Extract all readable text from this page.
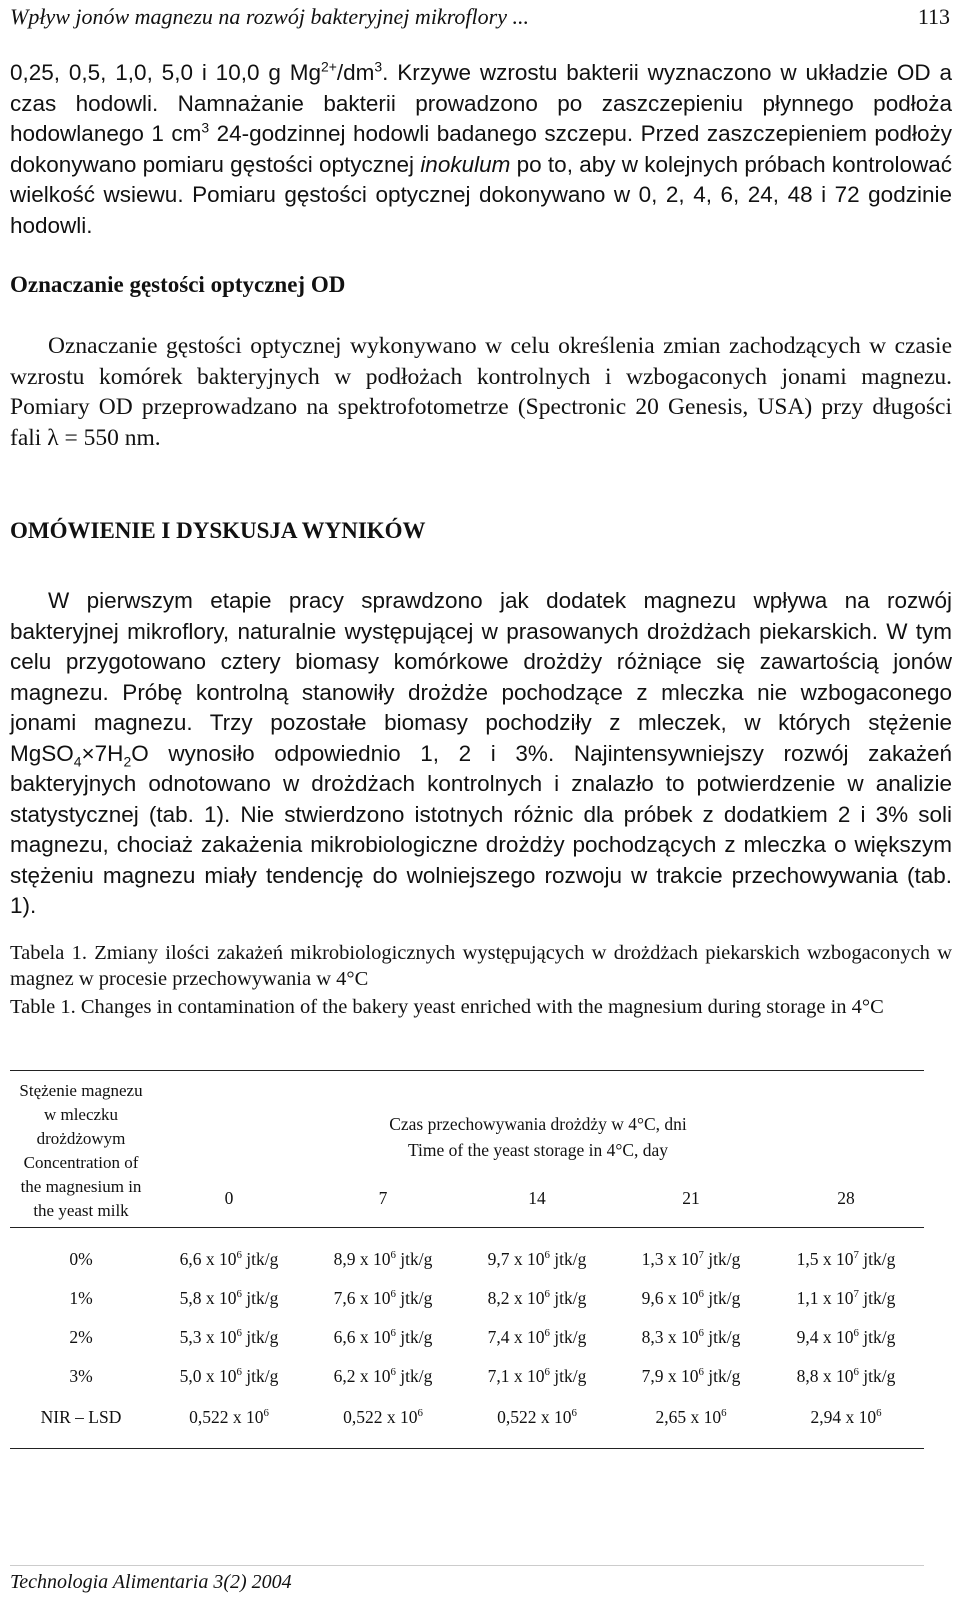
Wpływ jonów magnezu na rozwój bakteryjnej mikroflory ...	113

0,25, 0,5, 1,0, 5,0 i 10,0 g $Mg^{2+}/dm^3$. Krzywe wzrostu bakterii wyznaczono w układzie OD a czas hodowli. Namnażanie bakterii prowadzono po zaszczepieniu płynnego podłoża hodowlanego 1 $cm^3$ 24-godzinnej hodowli badanego szczepu. Przed zaszczepieniem podłoży dokonywano pomiaru gęstości optycznej inokulum po to, aby w kolejnych próbach kontrolować wielkość wsiewu. Pomiaru gęstości optycznej dokonywano w 0, 2, 4, 6, 24, 48 i 72 godzinie hodowli.

Oznaczanie gęstości optycznej OD

Oznaczanie gęstości optycznej wykonywano w celu określenia zmian zachodzących w czasie wzrostu komórek bakteryjnych w podłożach kontrolnych i wzbogaconych jonami magnezu. Pomiary OD przeprowadzano na spektrofotometrze (Spectronic 20 Genesis, USA) przy długości fali λ = 550 nm.

OMÓWIENIE I DYSKUSJA WYNIKÓW

W pierwszym etapie pracy sprawdzono jak dodatek magnezu wpływa na rozwój bakteryjnej mikroflory, naturalnie występującej w prasowanych drożdżach piekarskich. W tym celu przygotowano cztery biomasy komórkowe drożdży różniące się zawartością jonów magnezu. Próbę kontrolną stanowiły drożdże pochodzące z mleczka nie wzbogaconego jonami magnezu. Trzy pozostałe biomasy pochodziły z mleczek, w których stężenie $MgSO_4\times 7H_2O$ wynosiło odpowiednio 1, 2 i 3%. Najintensywniejszy rozwój zakażeń bakteryjnych odnotowano w drożdżach kontrolnych i znalazło to potwierdzenie w analizie statystycznej (tab. 1). Nie stwierdzono istotnych różnic dla próbek z dodatkiem 2 i 3% soli magnezu, chociaż zakażenia mikrobiologiczne drożdży pochodzących z mleczka o większym stężeniu magnezu miały tendencję do wolniejszego rozwoju w trakcie przechowywania (tab. 1).

Tabela 1. Zmiany ilości zakażeń mikrobiologicznych występujących w drożdżach piekarskich wzbogaconych w magnez w procesie przechowywania w 4°C

Table 1. Changes in contamination of the bakery yeast enriched with the magnesium during storage in 4°C

Stężenie magnezu w mleczku drożdżowym Concentration of the magnesium in the yeast milk	Czas przechowywania drożdży w 4°C, dni
Time of the yeast storage in 4°C, day				

	0	7	14	21	28
0%	6,6 x $10^6$ jtk/g	8,9 x $10^6$ jtk/g	9,7 x $10^6$ jtk/g	1,3 x $10^7$ jtk/g	1,5 x $10^7$ jtk/g
1%	5,8 x $10^6$ jtk/g	7,6 x $10^6$ jtk/g	8,2 x $10^6$ jtk/g	9,6 x $10^6$ jtk/g	1,1 x $10^7$ jtk/g
2%	5,3 x $10^6$ jtk/g	6,6 x $10^6$ jtk/g	7,4 x $10^6$ jtk/g	8,3 x $10^6$ jtk/g	9,4 x $10^6$ jtk/g
3%	5,0 x $10^6$ jtk/g	6,2 x $10^6$ jtk/g	7,1 x $10^6$ jtk/g	7,9 x $10^6$ jtk/g	8,8 x $10^6$ jtk/g
NIR – LSD	0,522 x $10^6$	0,522 x $10^6$	0,522 x $10^6$	2,65 x $10^6$	2,94 x $10^6$
Technologia Alimentaria 3(2) 2004
